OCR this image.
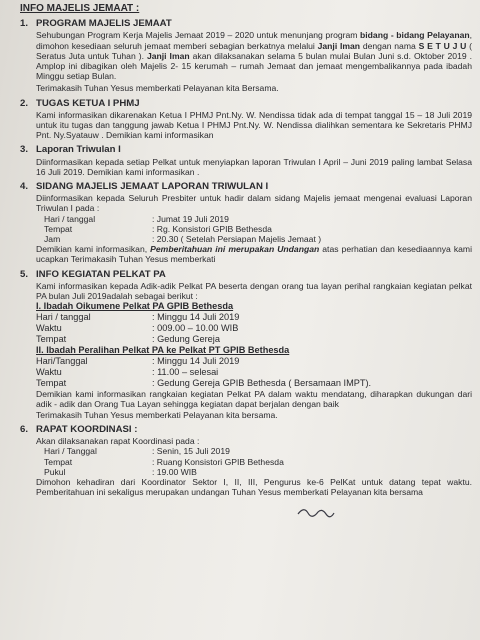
INFO MAJELIS JEMAAT :
1. PROGRAM MAJELIS JEMAAT
Sehubungan Program Kerja Majelis Jemaat 2019 – 2020 untuk menunjang program bidang - bidang Pelayanan, dimohon kesediaan seluruh jemaat memberi sebagian berkatnya melalui Janji Iman dengan nama S E T U J U ( Seratus Juta untuk Tuhan ). Janji Iman akan dilaksanakan selama 5 bulan mulai Bulan Juni s.d. Oktober 2019 . Amplop ini dibagikan oleh Majelis 2- 15 kerumah – rumah Jemaat dan jemaat mengembalikannya pada ibadah Minggu setiap Bulan.
Terimakasih Tuhan Yesus memberkati Pelayanan kita Bersama.
2. TUGAS KETUA I PHMJ
Kami informasikan dikarenakan Ketua I PHMJ Pnt.Ny. W. Nendissa tidak ada di tempat tanggal 15 – 18 Juli 2019 untuk itu tugas dan tanggung jawab Ketua I PHMJ Pnt.Ny. W. Nendissa dialihkan sementara ke Sekretaris PHMJ Pnt. Ny.Syatauw . Demikian kami informasikan
3. Laporan Triwulan I
Diinformasikan kepada setiap Pelkat untuk menyiapkan laporan Triwulan I April – Juni 2019 paling lambat Selasa 16 Juli 2019. Demikian kami informasikan .
4. SIDANG MAJELIS JEMAAT LAPORAN TRIWULAN I
Diinformasikan kepada Seluruh Presbiter untuk hadir dalam sidang Majelis jemaat mengenai evaluasi Laporan Triwulan I pada :
Hari / tanggal	: Jumat 19 Juli 2019
Tempat	: Rg. Konsistori GPIB Bethesda
Jam	: 20.30 ( Setelah Persiapan Majelis Jemaat )
Demikian kami informasikan, Pemberitahuan ini merupakan Undangan atas perhatian dan kesediaannya kami ucapkan Terimakasih Tuhan Yesus memberkati
5. INFO KEGIATAN PELKAT PA
Kami informasikan kepada Adik-adik Pelkat PA beserta dengan orang tua layan perihal rangkaian kegiatan pelkat PA bulan Juli 2019adalah sebagai berikut :
I. Ibadah Oikumene Pelkat PA GPIB Bethesda
Hari / tanggal	: Minggu 14 Juli 2019
Waktu	: 009.00 – 10.00 WIB
Tempat	: Gedung Gereja
II. Ibadah Peralihan Pelkat PA ke Pelkat PT GPIB Bethesda
Hari/Tanggal	: Minggu 14 Juli 2019
Waktu	: 11.00 – selesai
Tempat	: Gedung Gereja GPIB Bethesda ( Bersamaan IMPT).
Demikian kami informasikan rangkaian kegiatan Pelkat PA dalam waktu mendatang, diharapkan dukungan dari adik - adik dan Orang Tua Layan sehingga kegiatan dapat berjalan dengan baik
Terimakasih Tuhan Yesus memberkati Pelayanan kita bersama.
6. RAPAT KOORDINASI :
Akan dilaksanakan rapat Koordinasi pada :
Hari / Tanggal	: Senin, 15 Juli 2019
Tempat	: Ruang Konsistori GPIB Bethesda
Pukul	: 19.00 WIB
Dimohon kehadiran dari Koordinator Sektor I, II, III, Pengurus ke-6 PelKat untuk datang tepat waktu. Pemberitahuan ini sekaligus merupakan undangan Tuhan Yesus memberkati Pelayanan kita bersama
